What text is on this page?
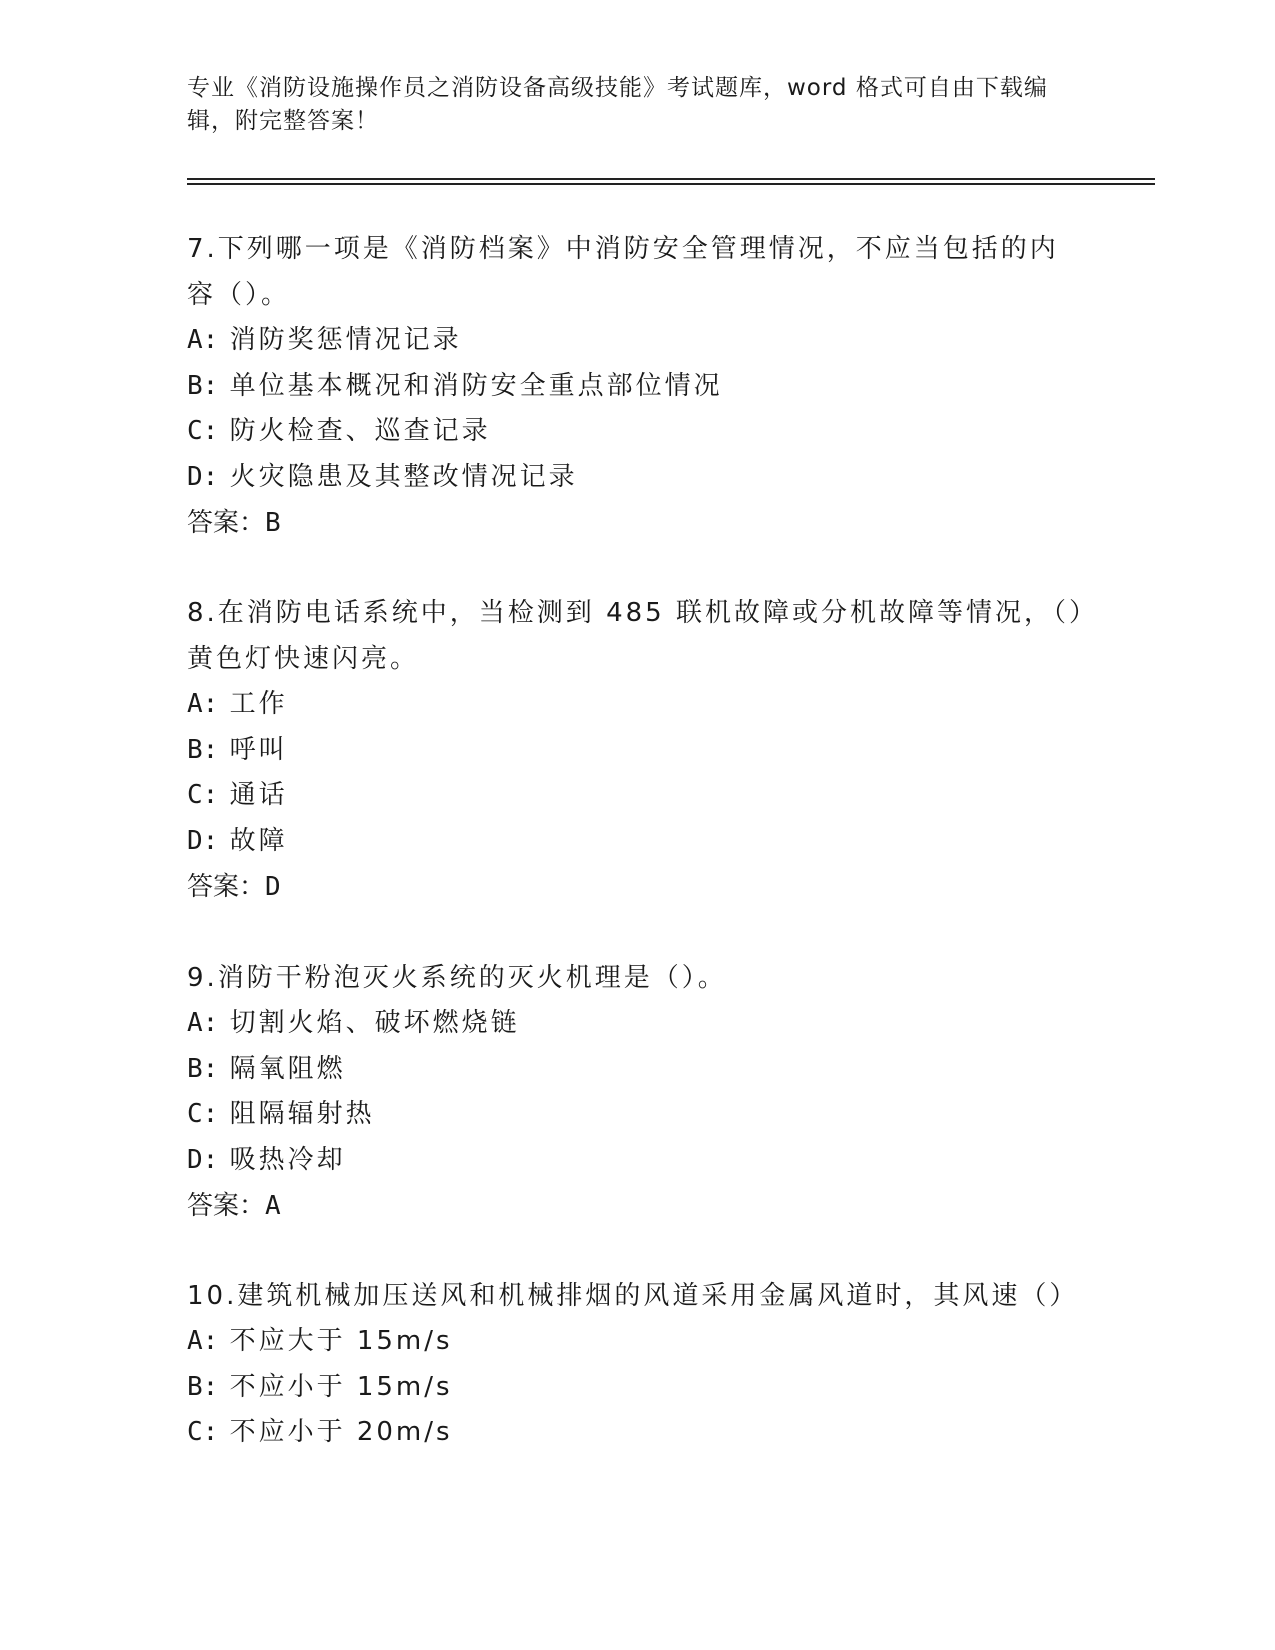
专业《消防设施操作员之消防设备高级技能》考试题库，word 格式可自由下载编辑，附完整答案！

7.下列哪一项是《消防档案》中消防安全管理情况，不应当包括的内容（）。

A: 消防奖惩情况记录

B: 单位基本概况和消防安全重点部位情况

C: 防火检查、巡查记录

D: 火灾隐患及其整改情况记录

答案：B

8.在消防电话系统中，当检测到 485 联机故障或分机故障等情况，（）黄色灯快速闪亮。

A: 工作

B: 呼叫

C: 通话

D: 故障

答案：D

9.消防干粉泡灭火系统的灭火机理是（）。

A: 切割火焰、破坏燃烧链

B: 隔氧阻燃

C: 阻隔辐射热

D: 吸热冷却

答案：A

10.建筑机械加压送风和机械排烟的风道采用金属风道时，其风速（）

A: 不应大于 15m/s

B: 不应小于 15m/s

C: 不应小于 20m/s
